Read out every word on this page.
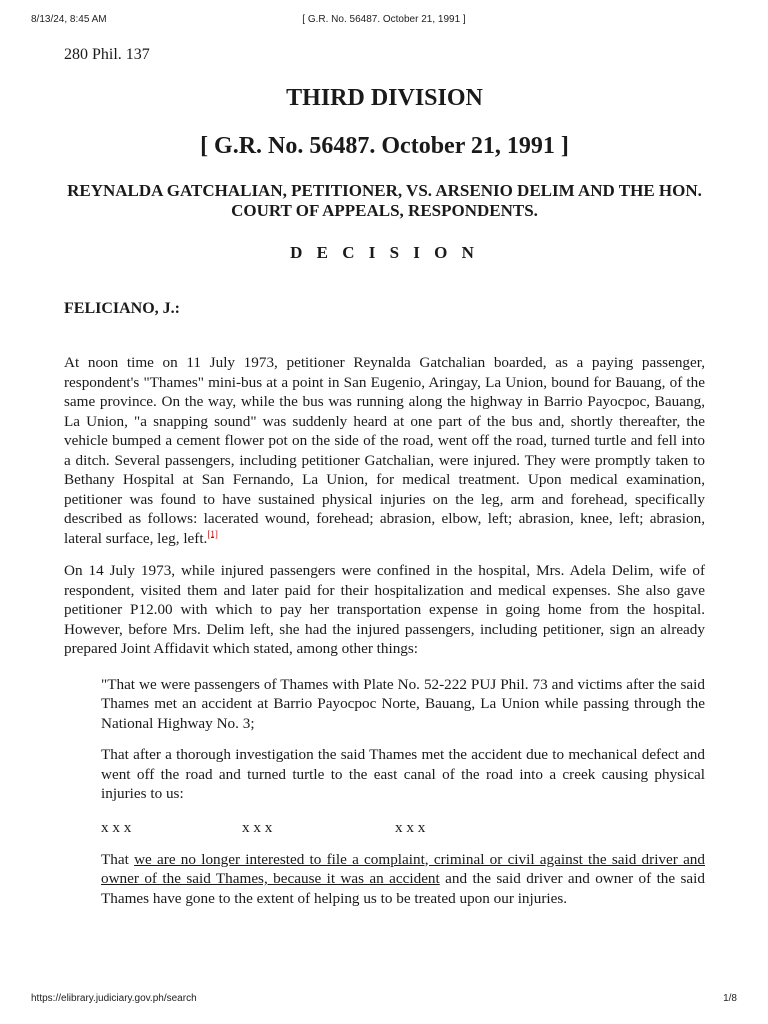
8/13/24, 8:45 AM	[ G.R. No. 56487. October 21, 1991 ]
280 Phil. 137
THIRD DIVISION
[ G.R. No. 56487. October 21, 1991 ]
REYNALDA GATCHALIAN, PETITIONER, VS. ARSENIO DELIM AND THE HON. COURT OF APPEALS, RESPONDENTS.
D E C I S I O N
FELICIANO, J.:

At noon time on 11 July 1973, petitioner Reynalda Gatchalian boarded, as a paying passenger, respondent's "Thames" mini-bus at a point in San Eugenio, Aringay, La Union, bound for Bauang, of the same province. On the way, while the bus was running along the highway in Barrio Payocpoc, Bauang, La Union, "a snapping sound" was suddenly heard at one part of the bus and, shortly thereafter, the vehicle bumped a cement flower pot on the side of the road, went off the road, turned turtle and fell into a ditch. Several passengers, including petitioner Gatchalian, were injured. They were promptly taken to Bethany Hospital at San Fernando, La Union, for medical treatment. Upon medical examination, petitioner was found to have sustained physical injuries on the leg, arm and forehead, specifically described as follows: lacerated wound, forehead; abrasion, elbow, left; abrasion, knee, left; abrasion, lateral surface, leg, left.[1]

On 14 July 1973, while injured passengers were confined in the hospital, Mrs. Adela Delim, wife of respondent, visited them and later paid for their hospitalization and medical expenses. She also gave petitioner P12.00 with which to pay her transportation expense in going home from the hospital. However, before Mrs. Delim left, she had the injured passengers, including petitioner, sign an already prepared Joint Affidavit which stated, among other things:

"That we were passengers of Thames with Plate No. 52-222 PUJ Phil. 73 and victims after the said Thames met an accident at Barrio Payocpoc Norte, Bauang, La Union while passing through the National Highway No. 3;

That after a thorough investigation the said Thames met the accident due to mechanical defect and went off the road and turned turtle to the east canal of the road into a creek causing physical injuries to us:

x x x	x x x	x x x

That we are no longer interested to file a complaint, criminal or civil against the said driver and owner of the said Thames, because it was an accident and the said driver and owner of the said Thames have gone to the extent of helping us to be treated upon our injuries.

https://elibrary.judiciary.gov.ph/search	1/8
